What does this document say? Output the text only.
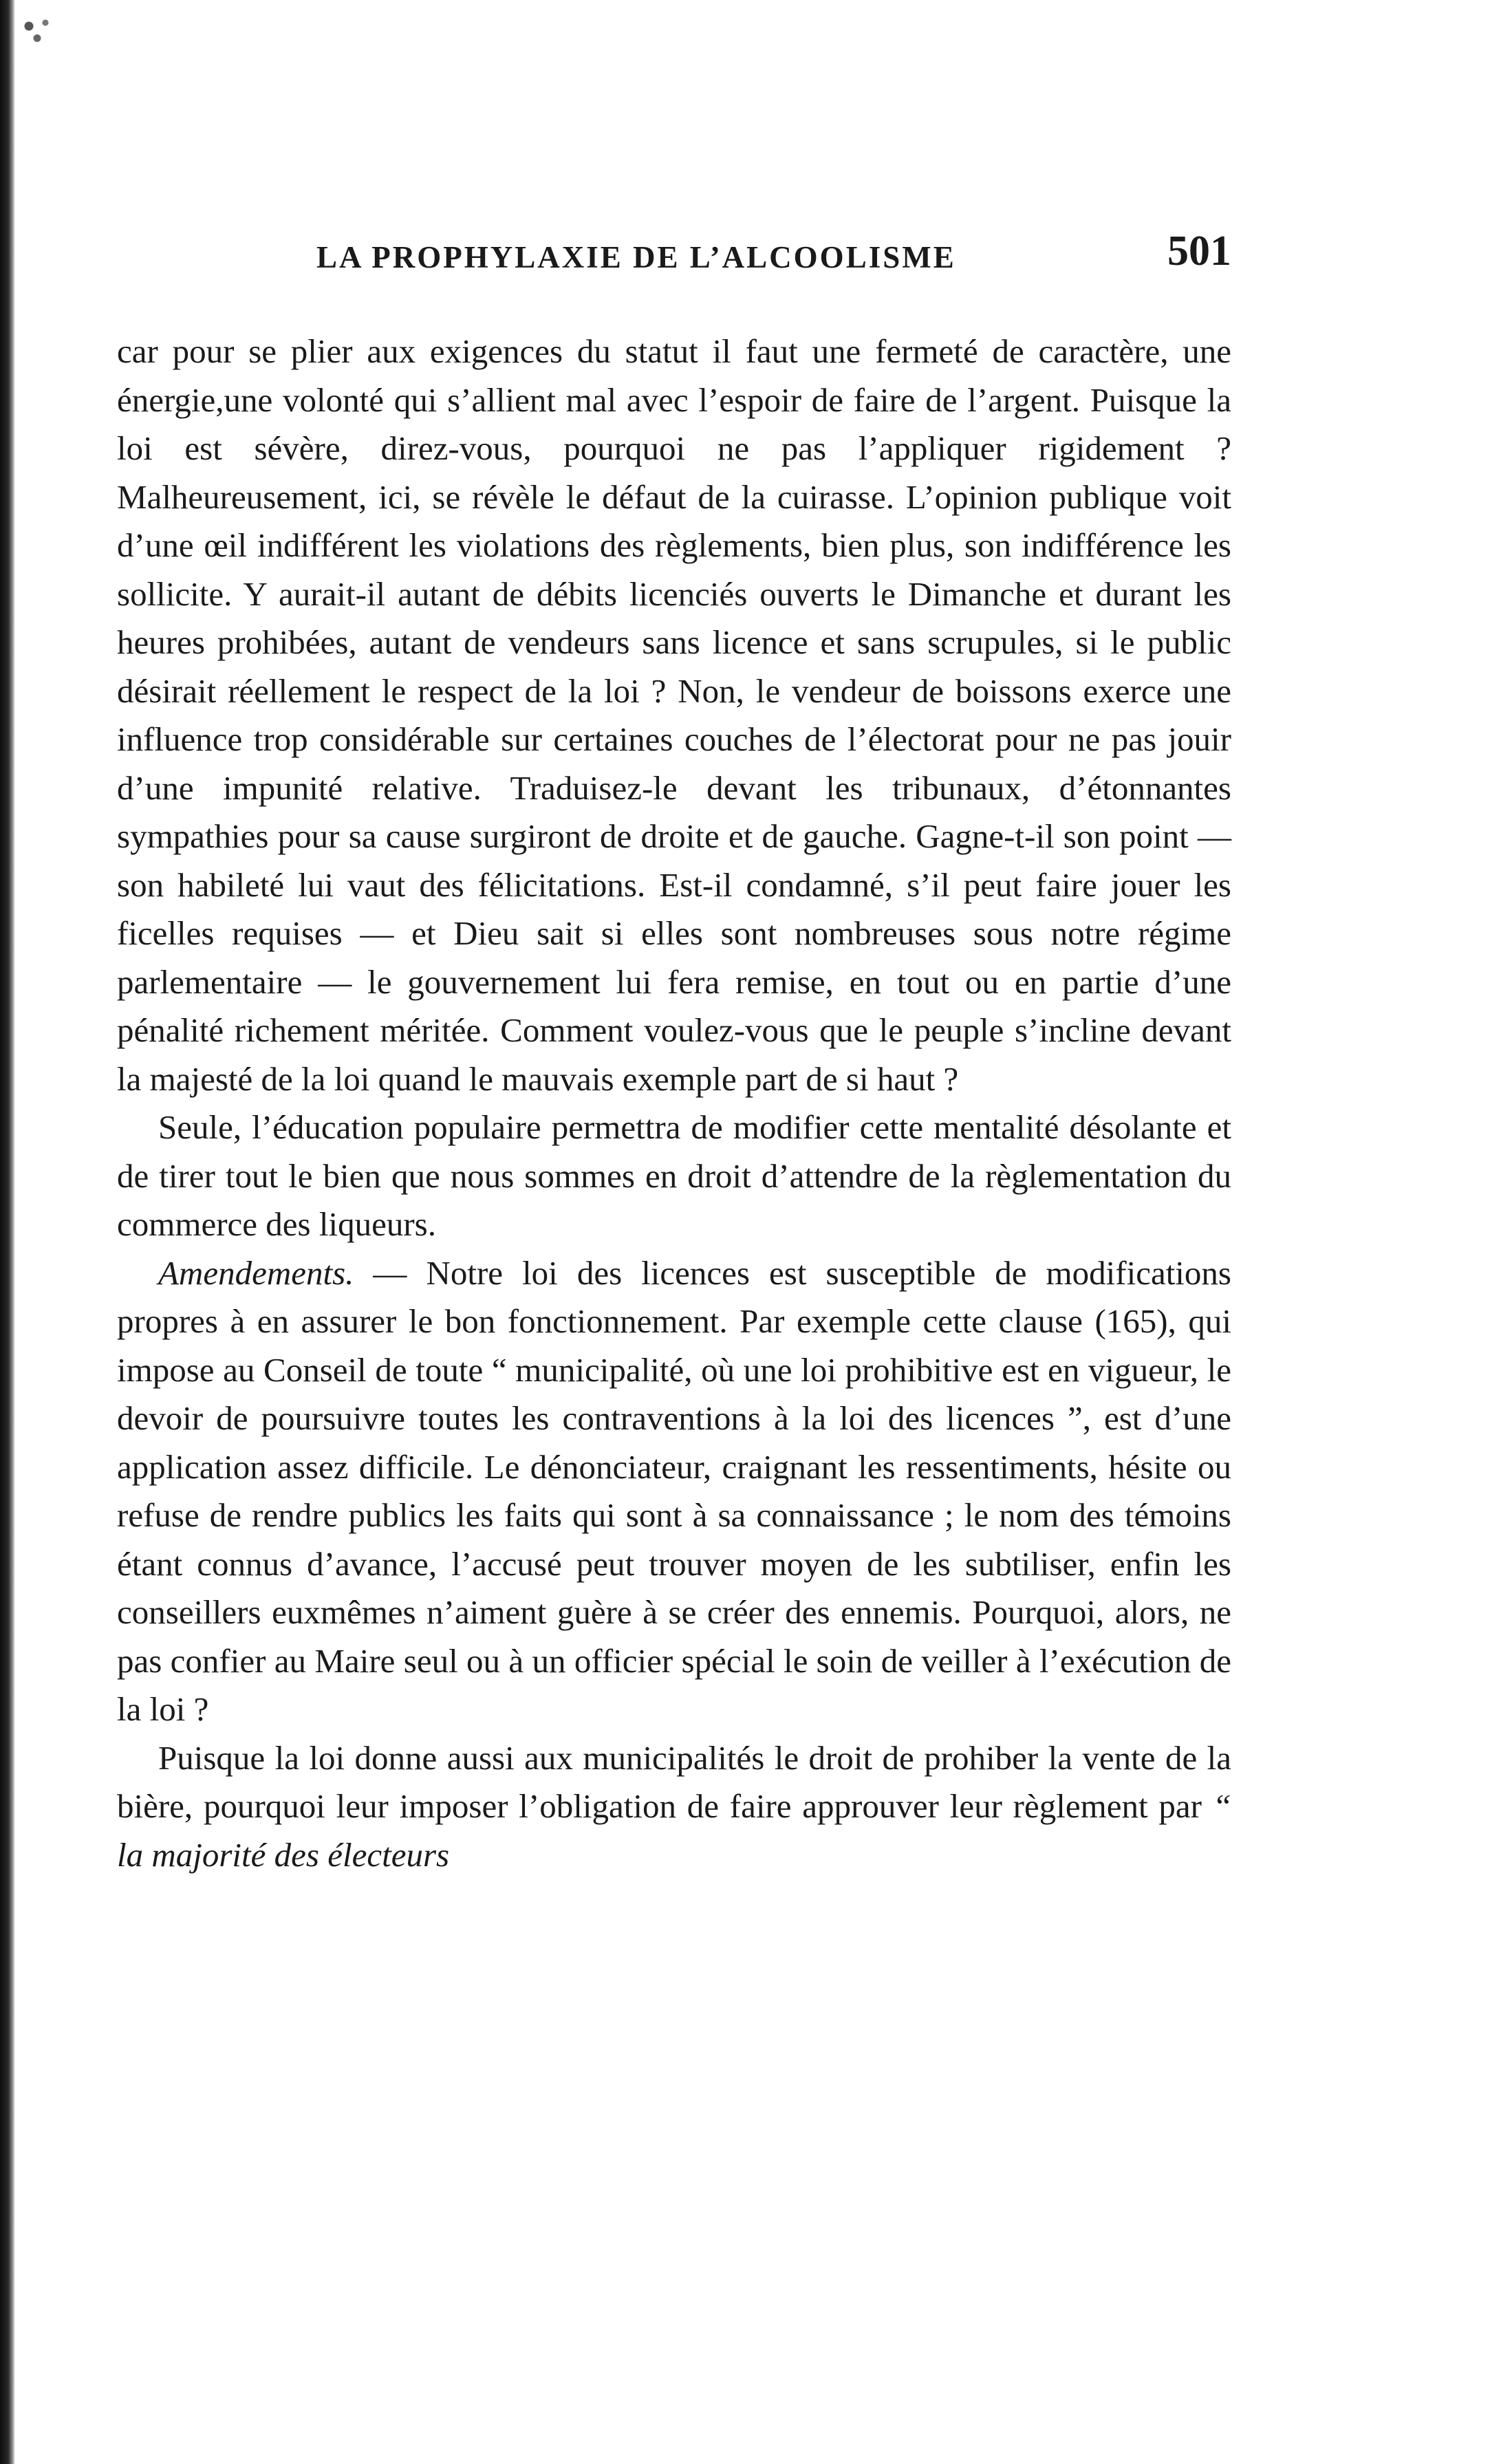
LA PROPHYLAXIE DE L’ALCOOLISME	501

car pour se plier aux exigences du statut il faut une fermeté de caractère, une énergie,une volonté qui s’allient mal avec l’espoir de faire de l’argent. Puisque la loi est sévère, direz-vous, pourquoi ne pas l’appliquer rigidement ? Malheureusement, ici, se révèle le défaut de la cuirasse. L’opinion publique voit d’une œil indifférent les violations des règlements, bien plus, son indifférence les sollicite. Y aurait-il autant de débits licenciés ouverts le Dimanche et durant les heures prohibées, autant de vendeurs sans licence et sans scrupules, si le public désirait réellement le respect de la loi ? Non, le vendeur de boissons exerce une influence trop considérable sur certaines couches de l’électorat pour ne pas jouir d’une impunité relative. Traduisez-le devant les tribunaux, d’étonnantes sympathies pour sa cause surgiront de droite et de gauche. Gagne-t-il son point — son habileté lui vaut des félicitations. Est-il condamné, s’il peut faire jouer les ficelles requises — et Dieu sait si elles sont nombreuses sous notre régime parlementaire — le gouvernement lui fera remise, en tout ou en partie d’une pénalité richement méritée. Comment voulez-vous que le peuple s’incline devant la majesté de la loi quand le mauvais exemple part de si haut ?

Seule, l’éducation populaire permettra de modifier cette mentalité désolante et de tirer tout le bien que nous sommes en droit d’attendre de la règlementation du commerce des liqueurs.

Amendements. — Notre loi des licences est susceptible de modifications propres à en assurer le bon fonctionnement. Par exemple cette clause (165), qui impose au Conseil de toute “ municipalité, où une loi prohibitive est en vigueur, le devoir de poursuivre toutes les contraventions à la loi des licences ”, est d’une application assez difficile. Le dénonciateur, craignant les ressentiments, hésite ou refuse de rendre publics les faits qui sont à sa connaissance ; le nom des témoins étant connus d’avance, l’accusé peut trouver moyen de les subtiliser, enfin les conseillers euxmêmes n’aiment guère à se créer des ennemis. Pourquoi, alors, ne pas confier au Maire seul ou à un officier spécial le soin de veiller à l’exécution de la loi ?

Puisque la loi donne aussi aux municipalités le droit de prohiber la vente de la bière, pourquoi leur imposer l’obligation de faire approuver leur règlement par “ la majorité des électeurs
